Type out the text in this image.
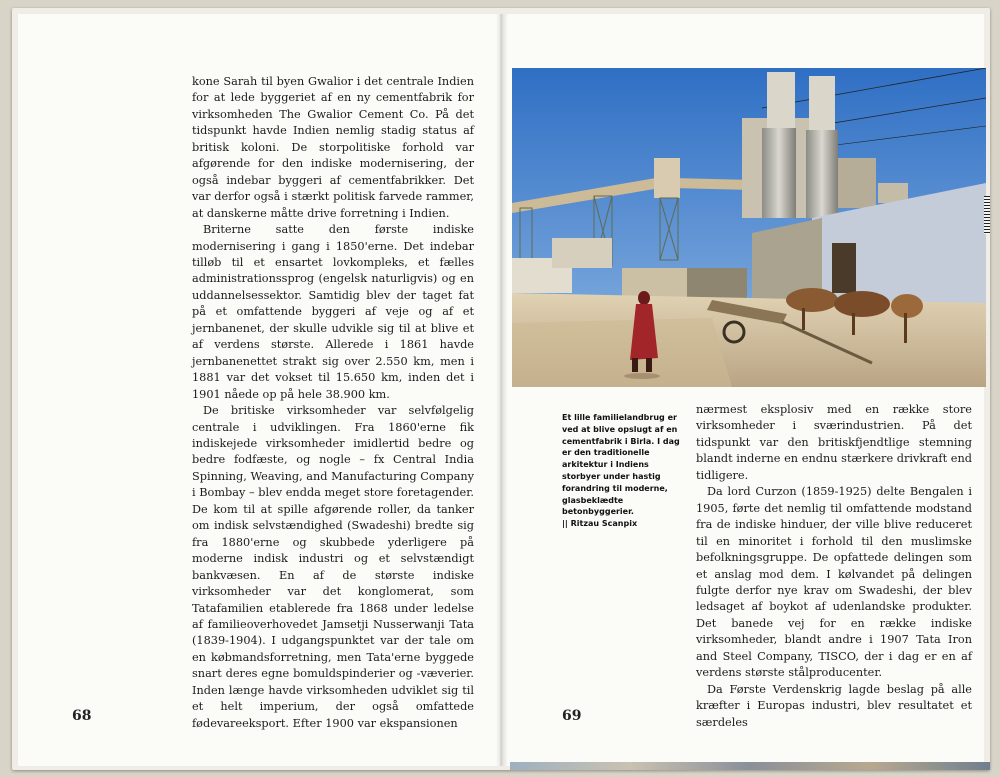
kone Sarah til byen Gwalior i det centrale Indien for at lede byggeriet af en ny cementfabrik for virksomheden The Gwalior Cement Co. På det tidspunkt havde Indien nemlig stadig status af britisk koloni. De storpolitiske forhold var afgørende for den indiske modernisering, der også indebar byggeri af cementfabrikker. Det var derfor også i stærkt politisk farvede rammer, at danskerne måtte drive forretning i Indien.

Briterne satte den første indiske modernisering i gang i 1850'erne. Det indebar tilløb til et ensartet lovkompleks, et fælles administrationssprog (engelsk naturligvis) og en uddannelsessektor. Samtidig blev der taget fat på et omfattende byggeri af veje og af et jernbanenet, der skulle udvikle sig til at blive et af verdens største. Allerede i 1861 havde jernbanenettet strakt sig over 2.550 km, men i 1881 var det vokset til 15.650 km, inden det i 1901 nåede op på hele 38.900 km.

De britiske virksomheder var selvfølgelig centrale i udviklingen. Fra 1860'erne fik indiskejede virksomheder imidlertid bedre og bedre fodfæste, og nogle – fx Central India Spinning, Weaving, and Manufacturing Company i Bombay – blev endda meget store foretagender. De kom til at spille afgørende roller, da tanker om indisk selvstændighed (Swadeshi) bredte sig fra 1880'erne og skubbede yderligere på moderne indisk industri og et selvstændigt bankvæsen. En af de største indiske virksomheder var det konglomerat, som Tatafamilien etablerede fra 1868 under ledelse af familieoverhovedet Jamsetji Nusserwanji Tata (1839-1904). I udgangspunktet var der tale om en købmandsforretning, men Tata'erne byggede snart deres egne bomuldspinderier og -væverier. Inden længe havde virksomheden udviklet sig til et helt imperium, der også omfattede fødevareeksport. Efter 1900 var ekspansionen

68
Et lille familielandbrug er ved at blive opslugt af en cementfabrik i Birla. I dag er den traditionelle arkitektur i Indiens storbyer under hastig forandring til moderne, glasbeklædte betonbyggerier.
|| Ritzau Scanpix

nærmest eksplosiv med en række store virksomheder i sværindustrien. På det tidspunkt var den britiskfjendtlige stemning blandt inderne en endnu stærkere drivkraft end tidligere.

Da lord Curzon (1859-1925) delte Bengalen i 1905, førte det nemlig til omfattende modstand fra de indiske hinduer, der ville blive reduceret til en minoritet i forhold til den muslimske befolkningsgruppe. De opfattede delingen som et anslag mod dem. I kølvandet på delingen fulgte derfor nye krav om Swadeshi, der blev ledsaget af boykot af udenlandske produkter. Det banede vej for en række indiske virksomheder, blandt andre i 1907 Tata Iron and Steel Company, TISCO, der i dag er en af verdens største stålproducenter.

Da Første Verdenskrig lagde beslag på alle kræfter i Europas industri, blev resultatet et særdeles

69
